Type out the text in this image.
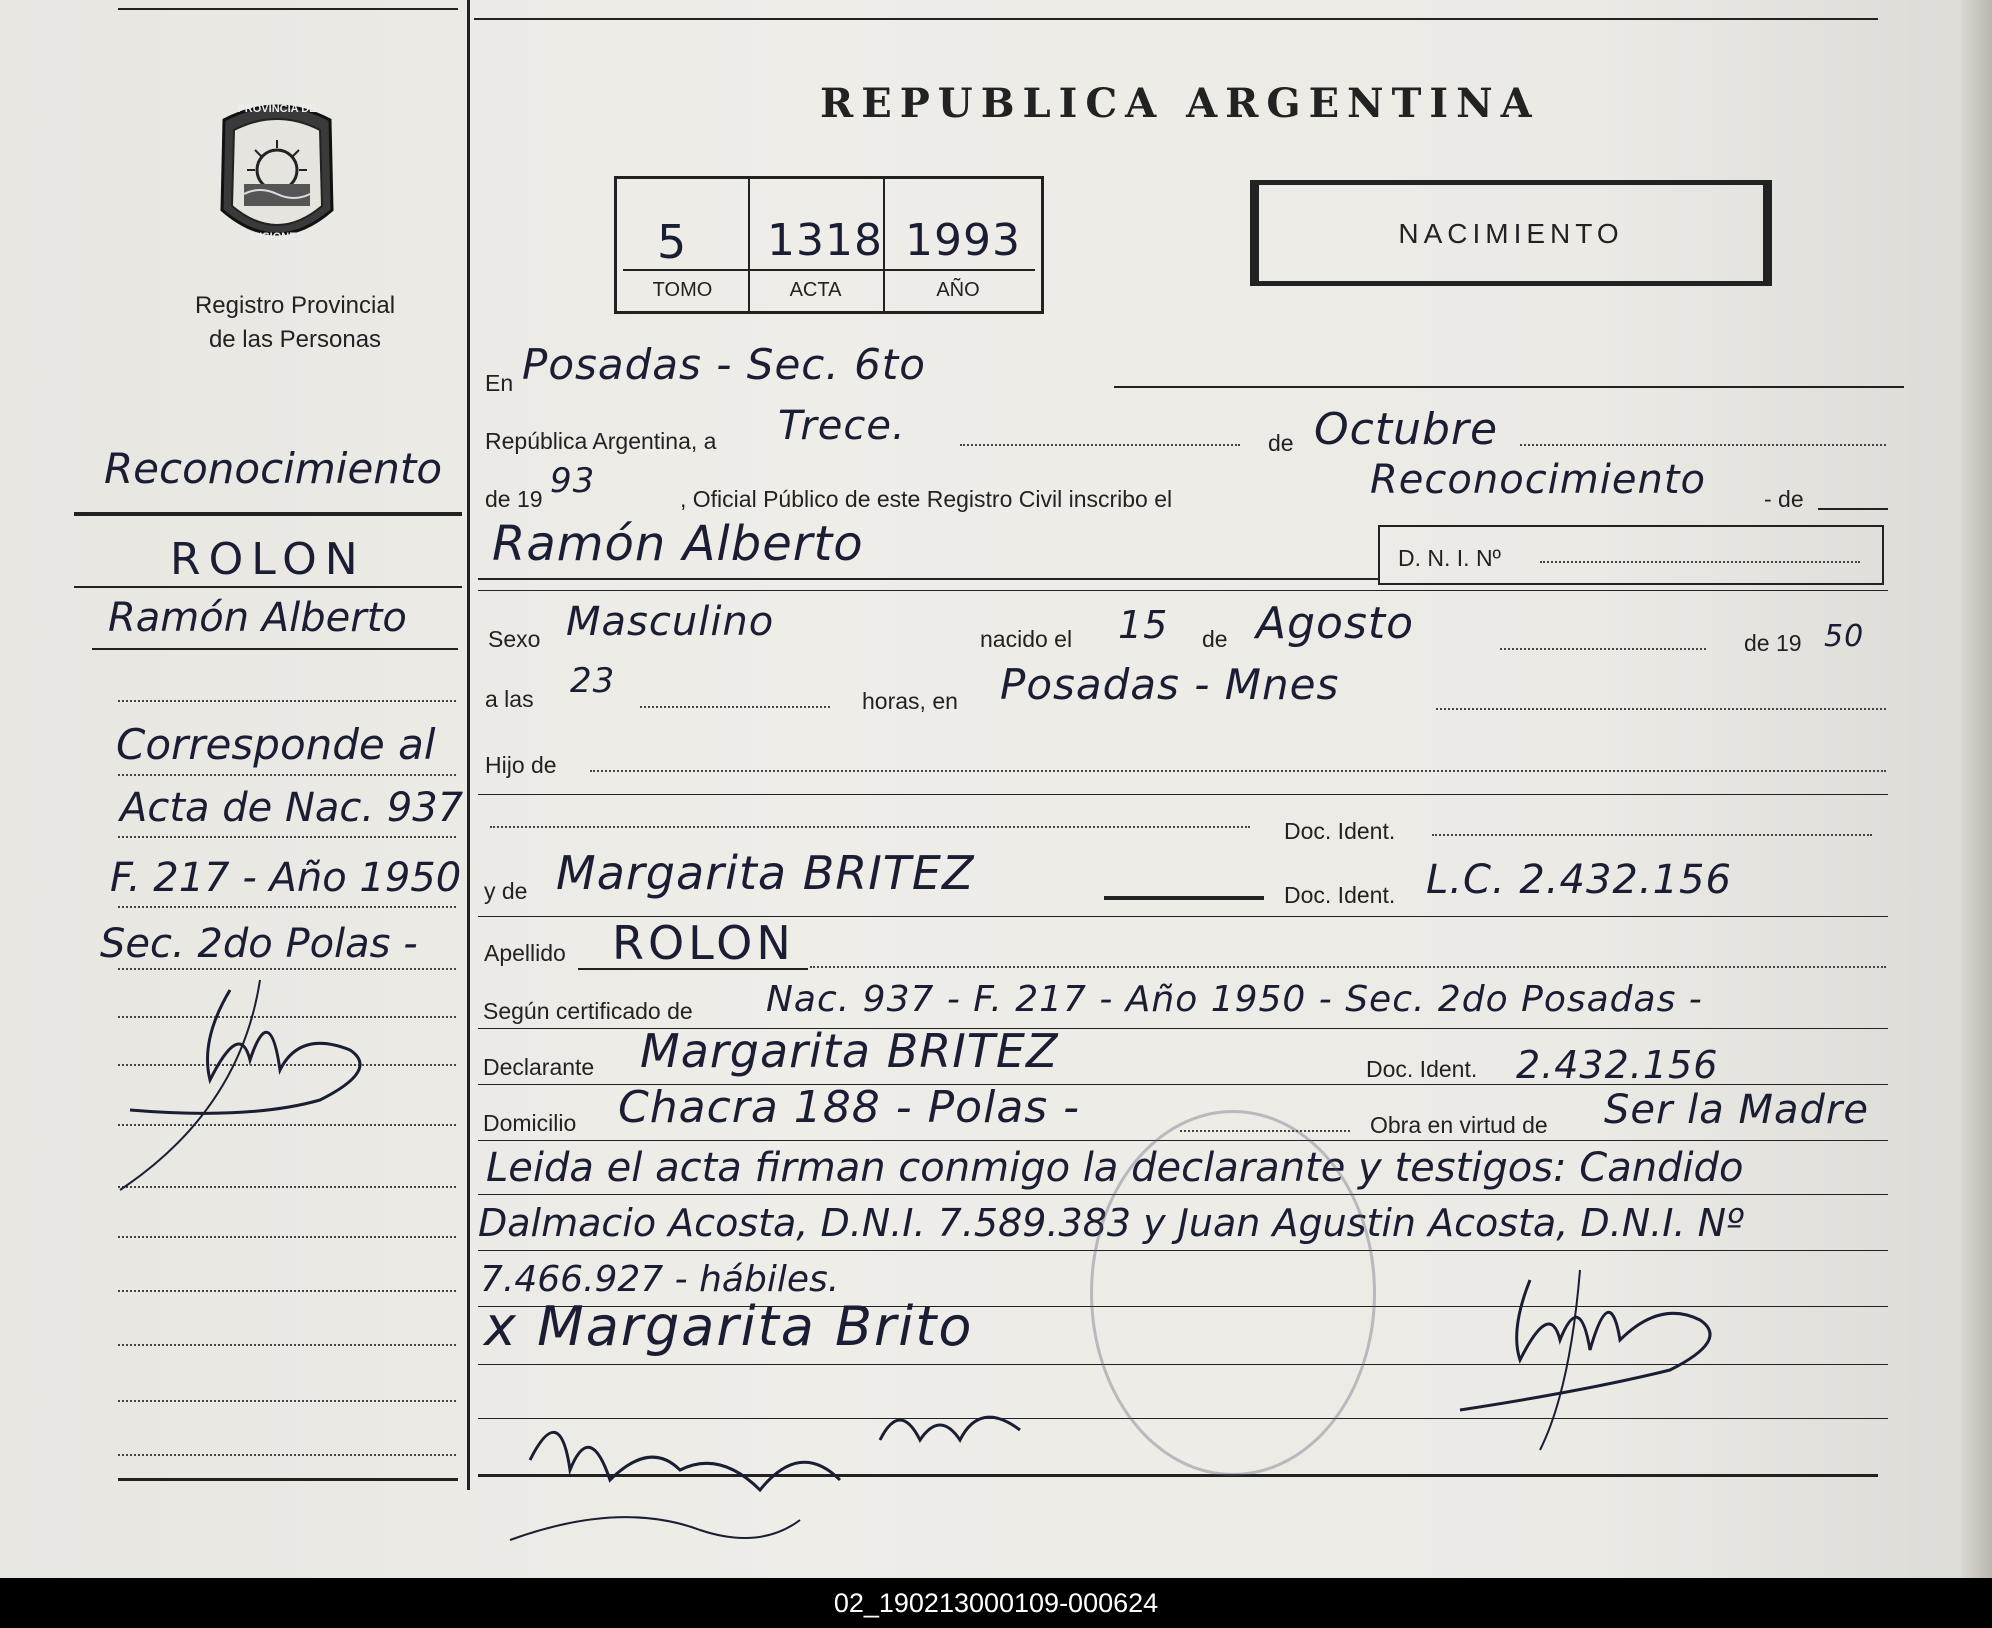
PROVINCIA DE
MISIONES
Registro Provincial
de las Personas
REPUBLICA ARGENTINA
5 1318 1993
TOMO	ACTA	AÑO
NACIMIENTO
En Posadas - Sec. 6to
República Argentina, a Trece.	de Octubre
de 19 93	, Oficial Público de este Registro Civil inscribo el	Reconocimiento	- de
Ramón Alberto	D. N. I. Nº
Sexo Masculino	nacido el 15 de Agosto	de 19 50
a las 23	horas, en Posadas - Mnes
Hijo de
Doc. Ident.
y de Margarita BRITEZ	Doc. Ident. L.C. 2.432.156
Apellido ROLON
Según certificado de Nac. 937 - F. 217 - Año 1950 - Sec. 2do Posadas -
Declarante Margarita BRITEZ	Doc. Ident. 2.432.156
Domicilio Chacra 188 - Polas -	Obra en virtud de Ser la Madre
Leida el acta firman conmigo la declarante y testigos: Candido
Dalmacio Acosta, D.N.I. 7.589.383 y Juan Agustin Acosta, D.N.I. Nº
7.466.927 - hábiles.
x Margarita Brito
Reconocimiento
ROLON
Ramón Alberto
Corresponde al
Acta de Nac. 937
F. 217 - Año 1950
Sec. 2do Polas -
02_190213000109-000624
